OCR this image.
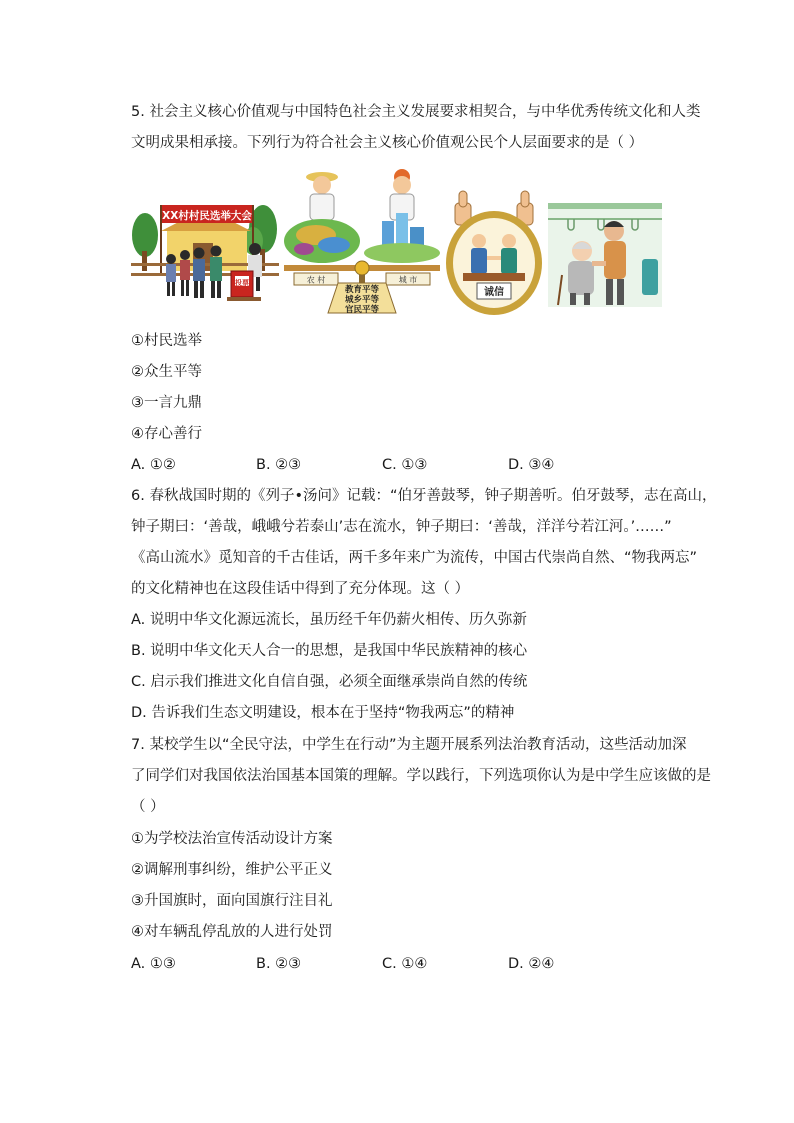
5. 社会主义核心价值观与中国特色社会主义发展要求相契合，与中华优秀传统文化和人类
文明成果相承接。下列行为符合社会主义核心价值观公民个人层面要求的是（ ）
XX村村民选举大会
投票	农 村	城 市
教育平等
城乡平等
官民平等
诚信
①村民选举
②众生平等
③一言九鼎
④存心善行
A. ①②	B. ②③	C. ①③	D. ③④
6. 春秋战国时期的《列子•汤问》记载：“伯牙善鼓琴，钟子期善听。伯牙鼓琴，志在高山，
钟子期曰：‘善哉，峨峨兮若泰山’志在流水，钟子期曰：‘善哉，洋洋兮若江河。’……”
《高山流水》觅知音的千古佳话，两千多年来广为流传，中国古代崇尚自然、“物我两忘”
的文化精神也在这段佳话中得到了充分体现。这（ ）
A. 说明中华文化源远流长，虽历经千年仍薪火相传、历久弥新
B. 说明中华文化天人合一的思想，是我国中华民族精神的核心
C. 启示我们推进文化自信自强，必须全面继承崇尚自然的传统
D. 告诉我们生态文明建设，根本在于坚持“物我两忘”的精神
7. 某校学生以“全民守法，中学生在行动”为主题开展系列法治教育活动，这些活动加深
了同学们对我国依法治国基本国策的理解。学以践行，下列选项你认为是中学生应该做的是
（ ）
①为学校法治宣传活动设计方案
②调解刑事纠纷，维护公平正义
③升国旗时，面向国旗行注目礼
④对车辆乱停乱放的人进行处罚
A. ①③	B. ②③	C. ①④	D. ②④
